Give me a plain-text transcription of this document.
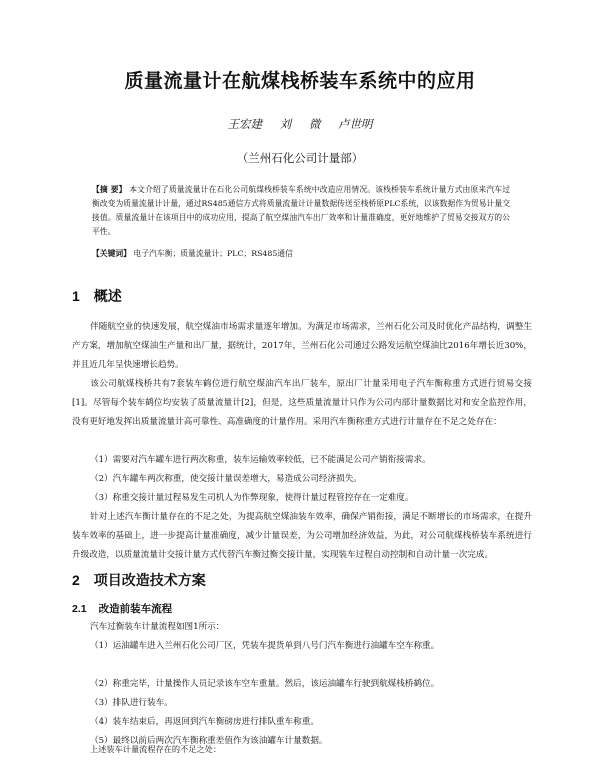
质量流量计在航煤栈桥装车系统中的应用
王宏建 刘 微 卢世明
（兰州石化公司计量部）
【摘 要】 本文介绍了质量流量计在石化公司航煤栈桥装车系统中改造应用情况。该栈桥装车系统计量方式由原来汽车过衡改变为质量流量计计量，通过RS485通信方式将质量流量计计量数据传送至栈桥原PLC系统，以该数据作为贸易计量交接值。质量流量计在该项目中的成功应用，提高了航空煤油汽车出厂效率和计量准确度，更好地维护了贸易交接双方的公平性。
【关键词】 电子汽车衡；质量流量计；PLC；RS485通信
1 概述
伴随航空业的快速发展，航空煤油市场需求量逐年增加。为满足市场需求，兰州石化公司及时优化产品结构，调整生产方案，增加航空煤油生产量和出厂量，据统计，2017年，兰州石化公司通过公路发运航空煤油比2016年增长近30%，并且近几年呈快速增长趋势。
该公司航煤栈桥共有7套装车鹤位进行航空煤油汽车出厂装车，原出厂计量采用电子汽车衡称重方式进行贸易交接[1]。尽管每个装车鹤位均安装了质量流量计[2]，但是，这些质量流量计只作为公司内部计量数据比对和安全监控作用，没有更好地发挥出质量流量计高可靠性、高准确度的计量作用。采用汽车衡称重方式进行计量存在不足之处存在：
（1）需要对汽车罐车进行两次称重，装车运输效率较低，已不能满足公司产销衔接需求。
（2）汽车罐车两次称重，使交接计量误差增大，易造成公司经济损失。
（3）称重交接计量过程易发生司机人为作弊现象，使得计量过程管控存在一定难度。
针对上述汽车衡计量存在的不足之处，为提高航空煤油装车效率，确保产销衔接，满足不断增长的市场需求，在提升装车效率的基础上，进一步提高计量准确度，减少计量误差，为公司增加经济效益，为此，对公司航煤栈桥装车系统进行升级改造，以质量流量计交接计量方式代替汽车衡过衡交接计量，实现装车过程自动控制和自动计量一次完成。
2 项目改造技术方案
2.1 改造前装车流程
汽车过衡装车计量流程如图1所示：
（1）运油罐车进入兰州石化公司厂区，凭装车提货单到八号门汽车衡进行油罐车空车称重。
（2）称重完毕，计量操作人员记录该车空车重量。然后，该运油罐车行驶到航煤栈桥鹤位。
（3）排队进行装车。
（4）装车结束后，再返回到汽车衡磅房进行排队重车称重。
（5）最终以前后两次汽车衡称重差值作为该油罐车计量数据。
上述装车计量流程存在的不足之处：
